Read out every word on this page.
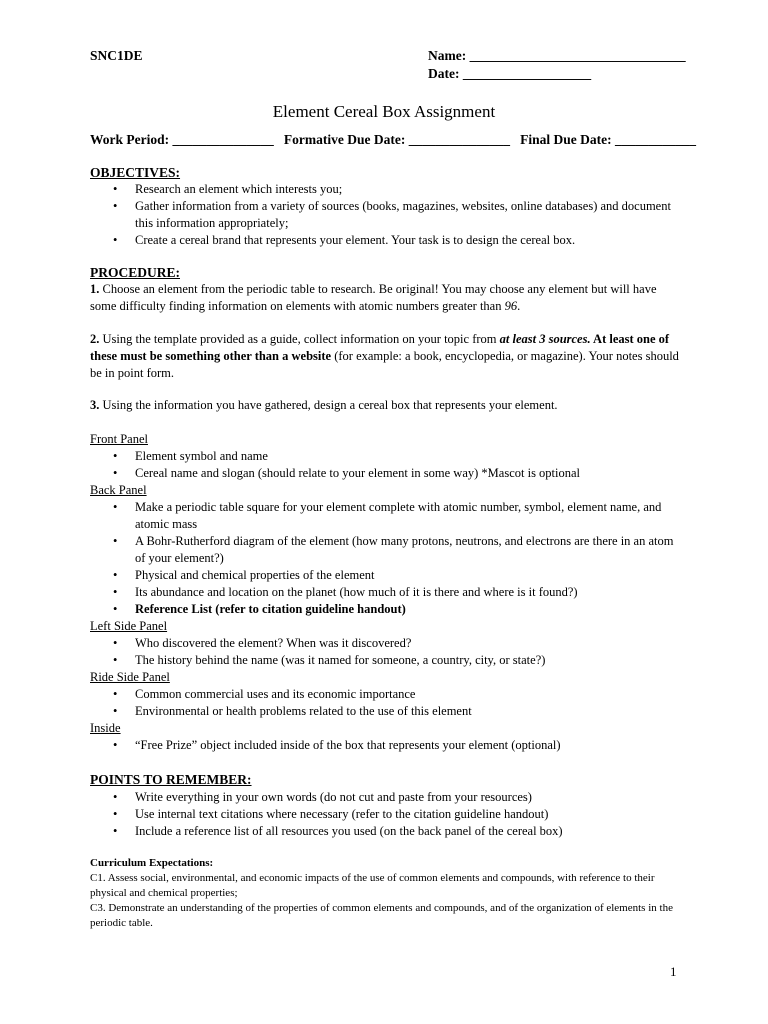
SNC1DE	Name: ________________________________
Date: ___________________
Element Cereal Box Assignment
Work Period: _______________ Formative Due Date: _______________ Final Due Date: ____________
OBJECTIVES:
• Research an element which interests you;
• Gather information from a variety of sources (books, magazines, websites, online databases) and document this information appropriately;
• Create a cereal brand that represents your element. Your task is to design the cereal box.
PROCEDURE:
1. Choose an element from the periodic table to research. Be original! You may choose any element but will have some difficulty finding information on elements with atomic numbers greater than 96.
2. Using the template provided as a guide, collect information on your topic from at least 3 sources. At least one of these must be something other than a website (for example: a book, encyclopedia, or magazine). Your notes should be in point form.
3. Using the information you have gathered, design a cereal box that represents your element.
Front Panel
• Element symbol and name
• Cereal name and slogan (should relate to your element in some way) *Mascot is optional
Back Panel
• Make a periodic table square for your element complete with atomic number, symbol, element name, and atomic mass
• A Bohr-Rutherford diagram of the element (how many protons, neutrons, and electrons are there in an atom of your element?)
• Physical and chemical properties of the element
• Its abundance and location on the planet (how much of it is there and where is it found?)
• Reference List (refer to citation guideline handout)
Left Side Panel
• Who discovered the element? When was it discovered?
• The history behind the name (was it named for someone, a country, city, or state?)
Ride Side Panel
• Common commercial uses and its economic importance
• Environmental or health problems related to the use of this element
Inside
• “Free Prize” object included inside of the box that represents your element (optional)
POINTS TO REMEMBER:
• Write everything in your own words (do not cut and paste from your resources)
• Use internal text citations where necessary (refer to the citation guideline handout)
• Include a reference list of all resources you used (on the back panel of the cereal box)
Curriculum Expectations:
C1. Assess social, environmental, and economic impacts of the use of common elements and compounds, with reference to their physical and chemical properties;
C3. Demonstrate an understanding of the properties of common elements and compounds, and of the organization of elements in the periodic table.
1
